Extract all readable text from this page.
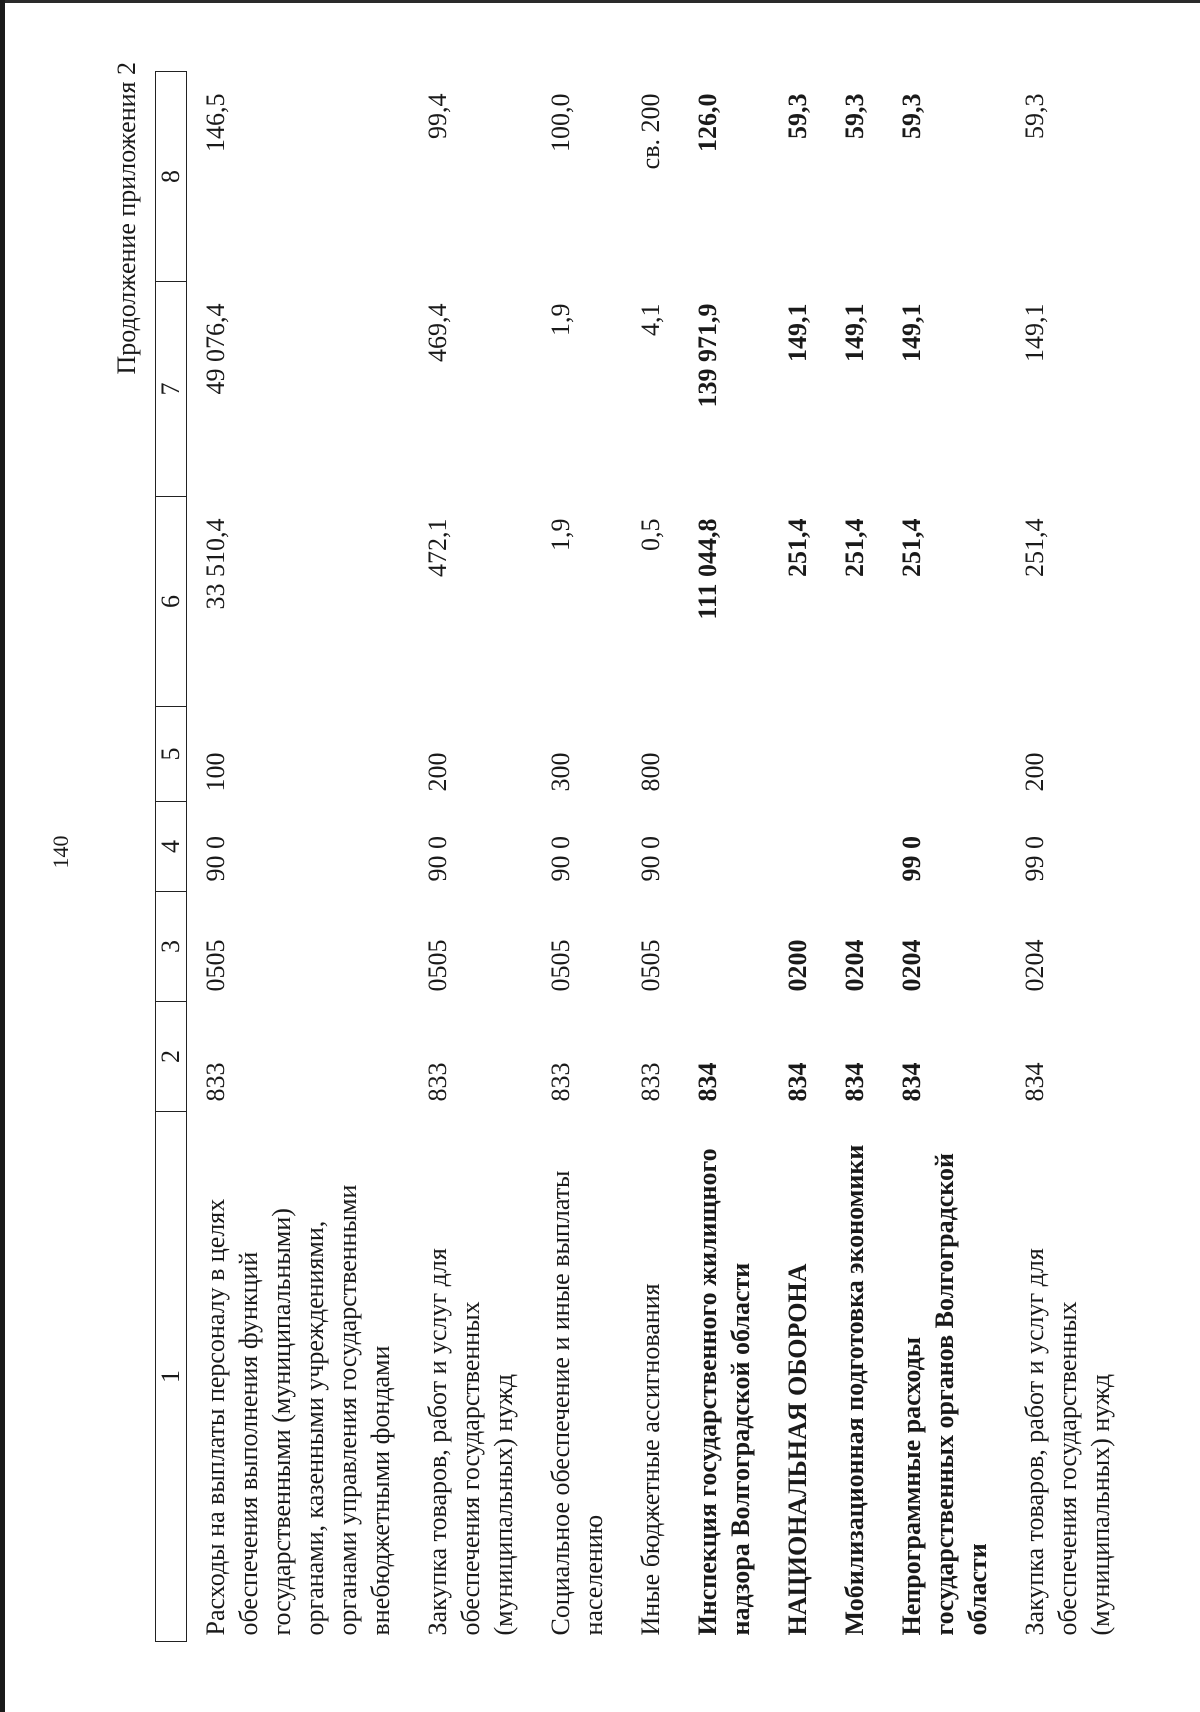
140
Продолжение приложения 2
1	2	3	4	5	6	7	8
Расходы на выплаты персоналу в целях обеспечения выполнения функций государственными (муниципальными) органами, казенными учреждениями, органами управления государственными внебюджетными фондами	833	0505	90 0	100	33 510,4	49 076,4	146,5
Закупка товаров, работ и услуг для обеспечения государственных (муниципальных) нужд	833	0505	90 0	200	472,1	469,4	99,4
Социальное обеспечение и иные выплаты населению	833	0505	90 0	300	1,9	1,9	100,0
Иные бюджетные ассигнования	833	0505	90 0	800	0,5	4,1	св. 200
Инспекция государственного жилищного надзора Волгоградской области	834				111 044,8	139 971,9	126,0
НАЦИОНАЛЬНАЯ ОБОРОНА	834	0200			251,4	149,1	59,3
Мобилизационная подготовка экономики	834	0204			251,4	149,1	59,3
Непрограммные расходы государственных органов Волгоградской области	834	0204	99 0		251,4	149,1	59,3
Закупка товаров, работ и услуг для обеспечения государственных (муниципальных) нужд	834	0204	99 0	200	251,4	149,1	59,3
